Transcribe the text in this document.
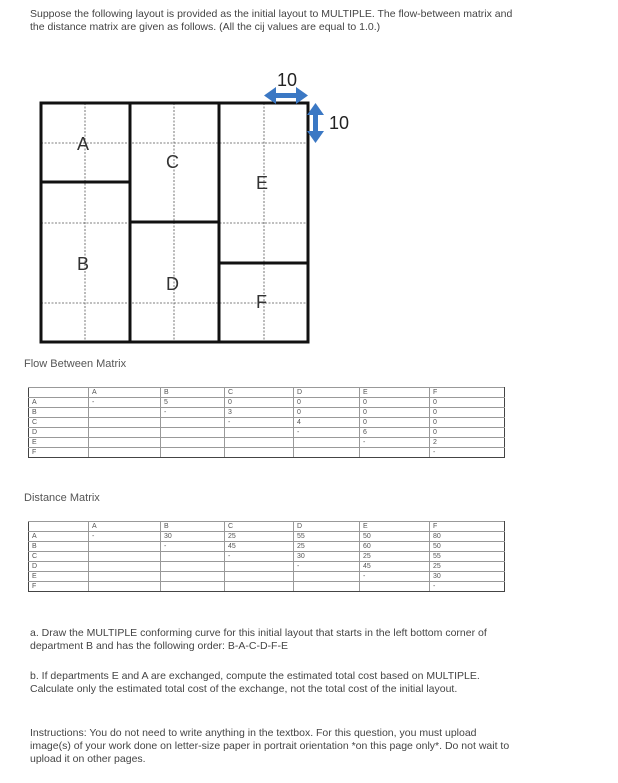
Suppose the following layout is provided as the initial layout to MULTIPLE. The flow-between matrix and the distance matrix are given as follows. (All the cij values are equal to 1.0.)
A
C
E
B
D
F
10
10
Flow Between Matrix
	A	B	C	D	E	F
A	-	5	0	0	0	0
B		-	3	0	0	0
C			-	4	0	0
D				-	6	0
E					-	2
F						-
Distance Matrix
	A	B	C	D	E	F
A	-	30	25	55	50	80
B		-	45	25	60	50
C			-	30	25	55
D				-	45	25
E					-	30
F						-
a. Draw the MULTIPLE conforming curve for this initial layout that starts in the left bottom corner of department B and has the following order: B-A-C-D-F-E
b. If departments E and A are exchanged, compute the estimated total cost based on MULTIPLE. Calculate only the estimated total cost of the exchange, not the total cost of the initial layout.
Instructions: You do not need to write anything in the textbox. For this question, you must upload image(s) of your work done on letter-size paper in portrait orientation *on this page only*. Do not wait to upload it on other pages.
